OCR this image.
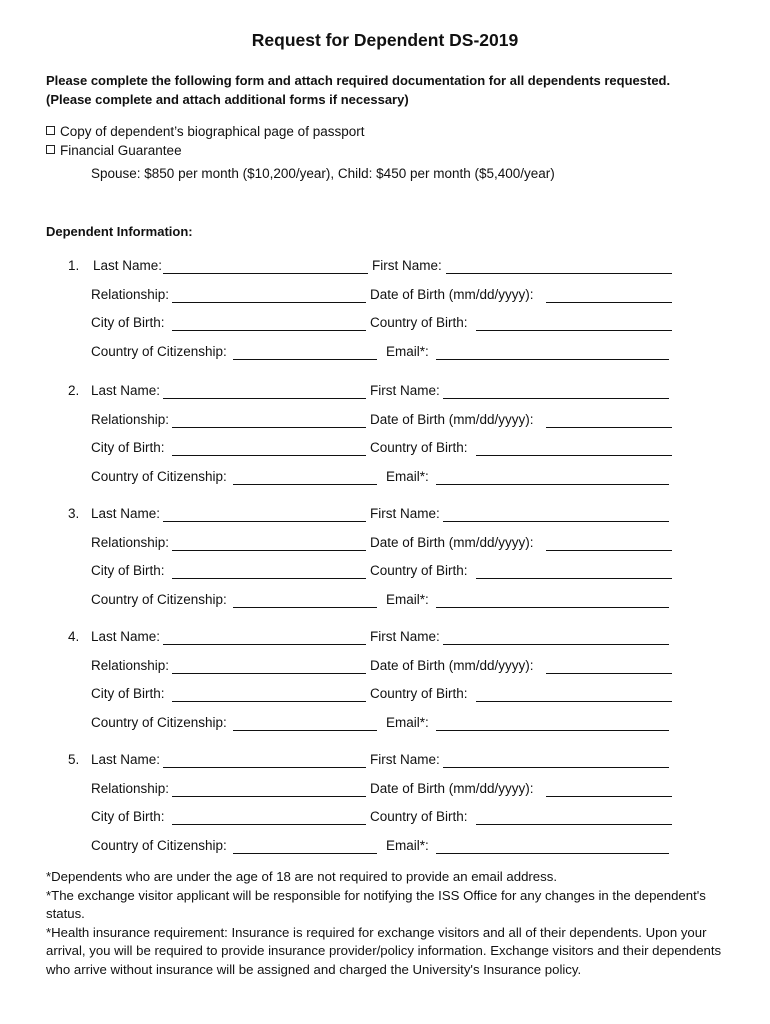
Request for Dependent DS-2019
Please complete the following form and attach required documentation for all dependents requested.
(Please complete and attach additional forms if necessary)
Copy of dependent’s biographical page of passport
Financial Guarantee
Spouse: $850 per month ($10,200/year), Child: $450 per month ($5,400/year)
Dependent Information:
1. Last Name:	First Name:
Relationship:	Date of Birth (mm/dd/yyyy):
City of Birth:	Country of Birth:
Country of Citizenship:	Email*:
2. Last Name:	First Name:
Relationship:	Date of Birth (mm/dd/yyyy):
City of Birth:	Country of Birth:
Country of Citizenship:	Email*:
3. Last Name:	First Name:
Relationship:	Date of Birth (mm/dd/yyyy):
City of Birth:	Country of Birth:
Country of Citizenship:	Email*:
4. Last Name:	First Name:
Relationship:	Date of Birth (mm/dd/yyyy):
City of Birth:	Country of Birth:
Country of Citizenship:	Email*:
5. Last Name:	First Name:
Relationship:	Date of Birth (mm/dd/yyyy):
City of Birth:	Country of Birth:
Country of Citizenship:	Email*:

*Dependents who are under the age of 18 are not required to provide an email address.

*The exchange visitor applicant will be responsible for notifying the ISS Office for any changes in the dependent's status.

*Health insurance requirement: Insurance is required for exchange visitors and all of their dependents. Upon your arrival, you will be required to provide insurance provider/policy information. Exchange visitors and their dependents who arrive without insurance will be assigned and charged the University's Insurance policy.
